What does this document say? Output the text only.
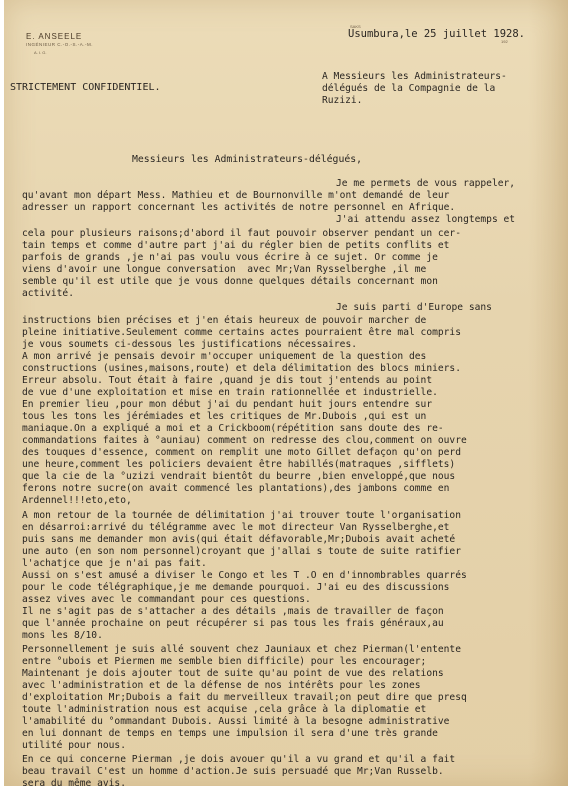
E. ANSEELE
INGÉNIEUR C.-O.-S.-A.-M.
A. I. G.
SAKS
Usumbura,le 25 juillet 1928.
192
STRICTEMENT CONFIDENTIEL.
A Messieurs les Administrateurs-
délégués de la Compagnie de la
Ruzizi.
Messieurs les Administrateurs-délégués,
Je me permets de vous rappeler,
qu'avant mon départ Mess. Mathieu et de Bournonville m'ont demandé de leur
adresser un rapport concernant les activités de notre personnel en Afrique.
J'ai attendu assez longtemps et
cela pour plusieurs raisons;d'abord il faut pouvoir observer pendant un cer-
tain temps et comme d'autre part j'ai du régler bien de petits conflits et
parfois de grands ,je n'ai pas voulu vous écrire à ce sujet. Or comme je
viens d'avoir une longue conversation  avec Mr;Van Rysselberghe ,il me
semble qu'il est utile que je vous donne quelques détails concernant mon
activité.
Je suis parti d'Europe sans
instructions bien précises et j'en étais heureux de pouvoir marcher de
pleine initiative.Seulement comme certains actes pourraient être mal compris
je vous soumets ci-dessous les justifications nécessaires.
A mon arrivé je pensais devoir m'occuper uniquement de la question des
constructions (usines,maisons,route) et dela délimitation des blocs miniers.
Erreur absolu. Tout était à faire ,quand je dis tout j'entends au point
de vue d'une exploitation et mise en train rationnellée et industrielle.
En premier lieu ,pour mon début j'ai du pendant huit jours entendre sur
tous les tons les jérémiades et les critiques de Mr.Dubois ,qui est un
maniaque.On a expliqué a moi et a Crickboom(répétition sans doute des re-
commandations faites à °auniau) comment on redresse des clou,comment on ouvre
des touques d'essence, comment on remplit une moto Gillet defaçon qu'on perd
une heure,comment les policiers devaient être habillés(matraques ,sifflets)
que la cie de la °uzizi vendrait bientôt du beurre ,bien enveloppé,que nous
ferons notre sucre(on avait commencé les plantations),des jambons comme en
Ardennel!!!eto,eto,
A mon retour de la tournée de délimitation j'ai trouver toute l'organisation
en désarroi:arrivé du télégramme avec le mot directeur Van Rysselberghe,et
puis sans me demander mon avis(qui était défavorable,Mr;Dubois avait acheté
une auto (en son nom personnel)croyant que j'allai s toute de suite ratifier
l'achatjce que je n'ai pas fait.
Aussi on s'est amusé a diviser le Congo et les T .O en d'innombrables quarrés
pour le code télégraphique,je me demande pourquoi. J'ai eu des discussions
assez vives avec le commandant pour ces questions.
Il ne s'agit pas de s'attacher a des détails ,mais de travailler de façon
que l'année prochaine on peut récupérer si pas tous les frais généraux,au
mons les 8/10.
Personnellement je suis allé souvent chez Jauniaux et chez Pierman(l'entente
entre °ubois et Piermen me semble bien difficile) pour les encourager;
Maintenant je dois ajouter tout de suite qu'au point de vue des relations
avec l'administration et de la défense de nos intérêts pour les zones
d'exploitation Mr;Dubois a fait du merveilleux travail;on peut dire que presq
toute l'administration nous est acquise ,cela grâce à la diplomatie et
l'amabilité du °ommandant Dubois. Aussi limité à la besogne administrative
en lui donnant de temps en temps une impulsion il sera d'une très grande
utilité pour nous.
En ce qui concerne Pierman ,je dois avouer qu'il a vu grand et qu'il a fait
beau travail C'est un homme d'action.Je suis persuadé que Mr;Van Russelb.
sera du même avis.
